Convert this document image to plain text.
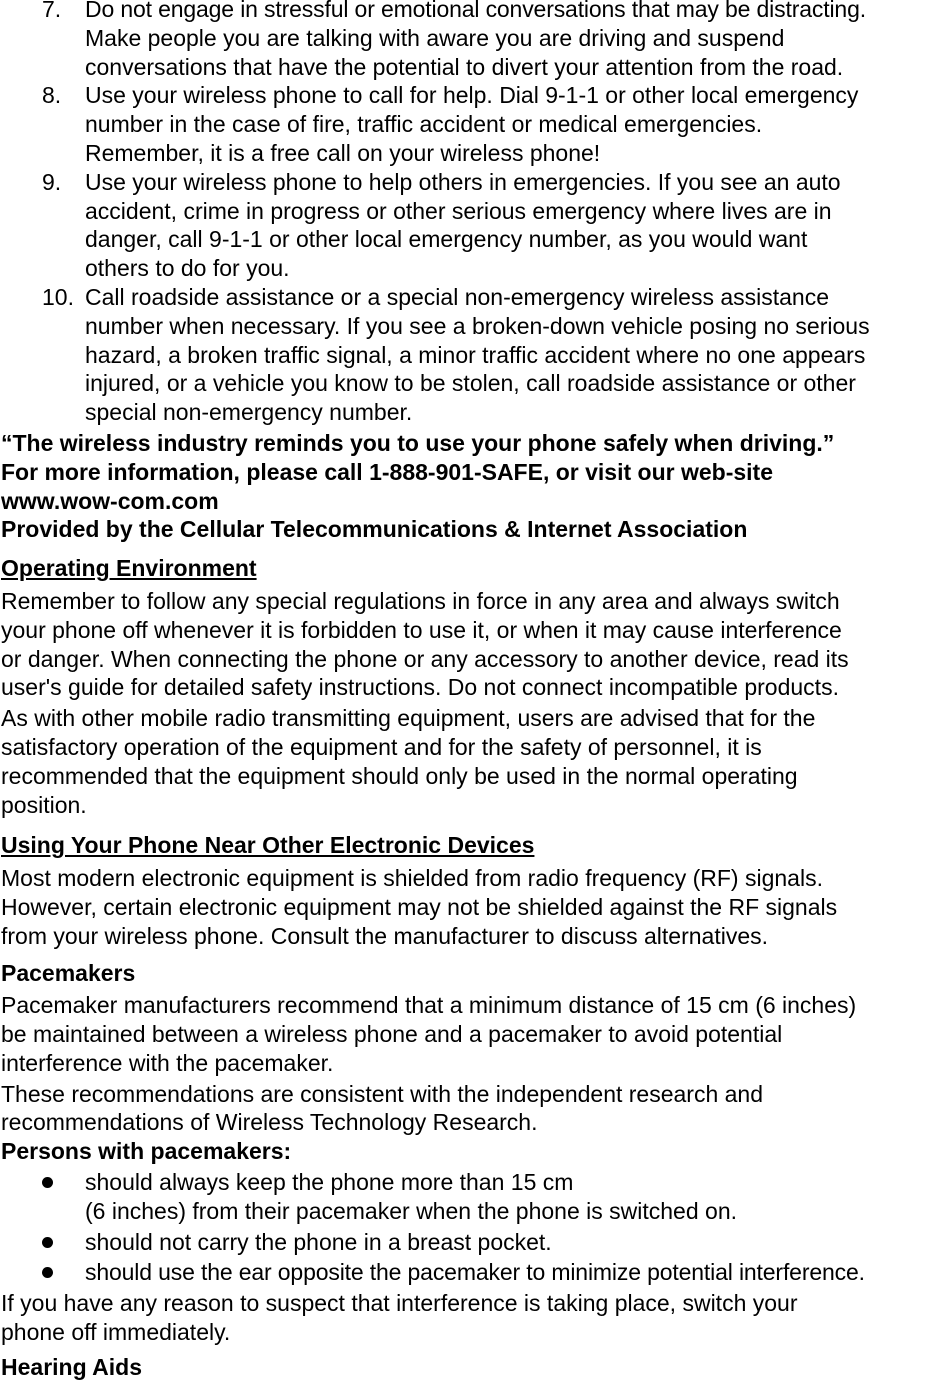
7. Do not engage in stressful or emotional conversations that may be distracting.
Make people you are talking with aware you are driving and suspend
conversations that have the potential to divert your attention from the road.
8. Use your wireless phone to call for help. Dial 9-1-1 or other local emergency
number in the case of fire, traffic accident or medical emergencies.
Remember, it is a free call on your wireless phone!
9. Use your wireless phone to help others in emergencies. If you see an auto
accident, crime in progress or other serious emergency where lives are in
danger, call 9-1-1 or other local emergency number, as you would want
others to do for you.
10. Call roadside assistance or a special non-emergency wireless assistance
number when necessary. If you see a broken-down vehicle posing no serious
hazard, a broken traffic signal, a minor traffic accident where no one appears
injured, or a vehicle you know to be stolen, call roadside assistance or other
special non-emergency number.
“The wireless industry reminds you to use your phone safely when driving.”
For more information, please call 1-888-901-SAFE, or visit our web-site
www.wow-com.com
Provided by the Cellular Telecommunications & Internet Association
Operating Environment
Remember to follow any special regulations in force in any area and always switch
your phone off whenever it is forbidden to use it, or when it may cause interference
or danger. When connecting the phone or any accessory to another device, read its
user's guide for detailed safety instructions. Do not connect incompatible products.
As with other mobile radio transmitting equipment, users are advised that for the
satisfactory operation of the equipment and for the safety of personnel, it is
recommended that the equipment should only be used in the normal operating
position.
Using Your Phone Near Other Electronic Devices
Most modern electronic equipment is shielded from radio frequency (RF) signals.
However, certain electronic equipment may not be shielded against the RF signals
from your wireless phone. Consult the manufacturer to discuss alternatives.
Pacemakers
Pacemaker manufacturers recommend that a minimum distance of 15 cm (6 inches)
be maintained between a wireless phone and a pacemaker to avoid potential
interference with the pacemaker.
These recommendations are consistent with the independent research and
recommendations of Wireless Technology Research.
Persons with pacemakers:
should always keep the phone more than 15 cm
(6 inches) from their pacemaker when the phone is switched on.
should not carry the phone in a breast pocket.
should use the ear opposite the pacemaker to minimize potential interference.
If you have any reason to suspect that interference is taking place, switch your
phone off immediately.
Hearing Aids
